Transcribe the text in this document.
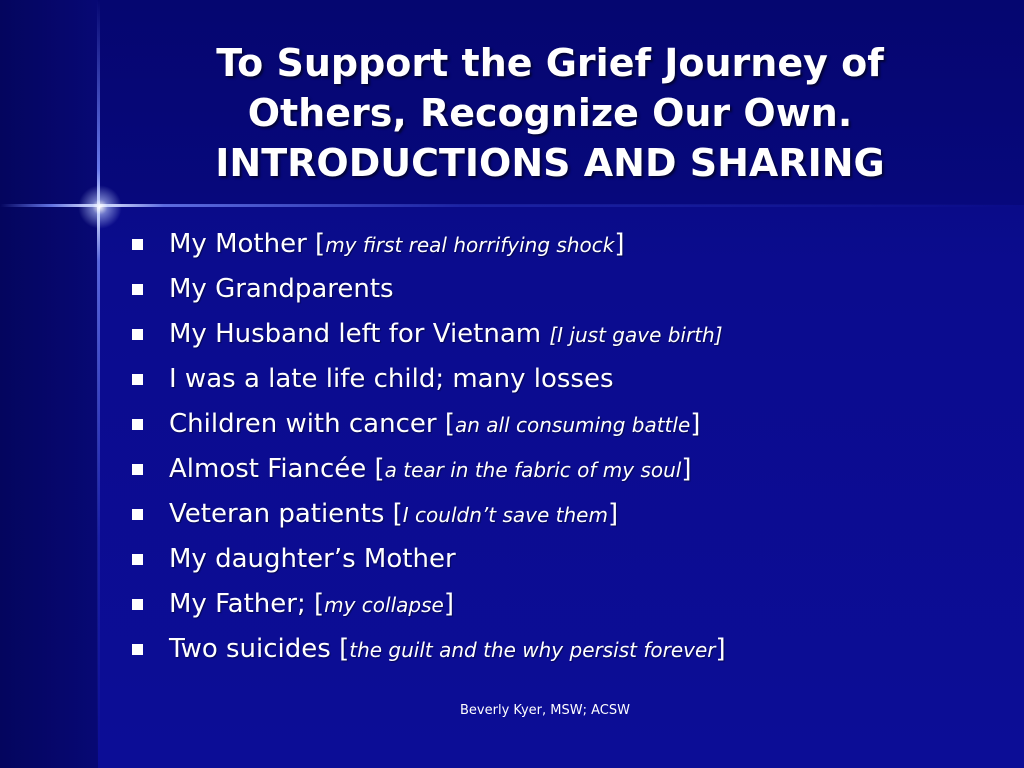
To Support the Grief Journey of
Others, Recognize Our Own.
INTRODUCTIONS AND SHARING
My Mother [my first real horrifying shock]
My Grandparents
My Husband left for Vietnam [I just gave birth]
I was a late life child; many losses
Children with cancer [an all consuming battle]
Almost Fiancée [a tear in the fabric of my soul]
Veteran patients [I couldn’t save them]
My daughter’s Mother
My Father; [my collapse]
Two suicides [the guilt and the why persist forever]
Beverly Kyer, MSW; ACSW
